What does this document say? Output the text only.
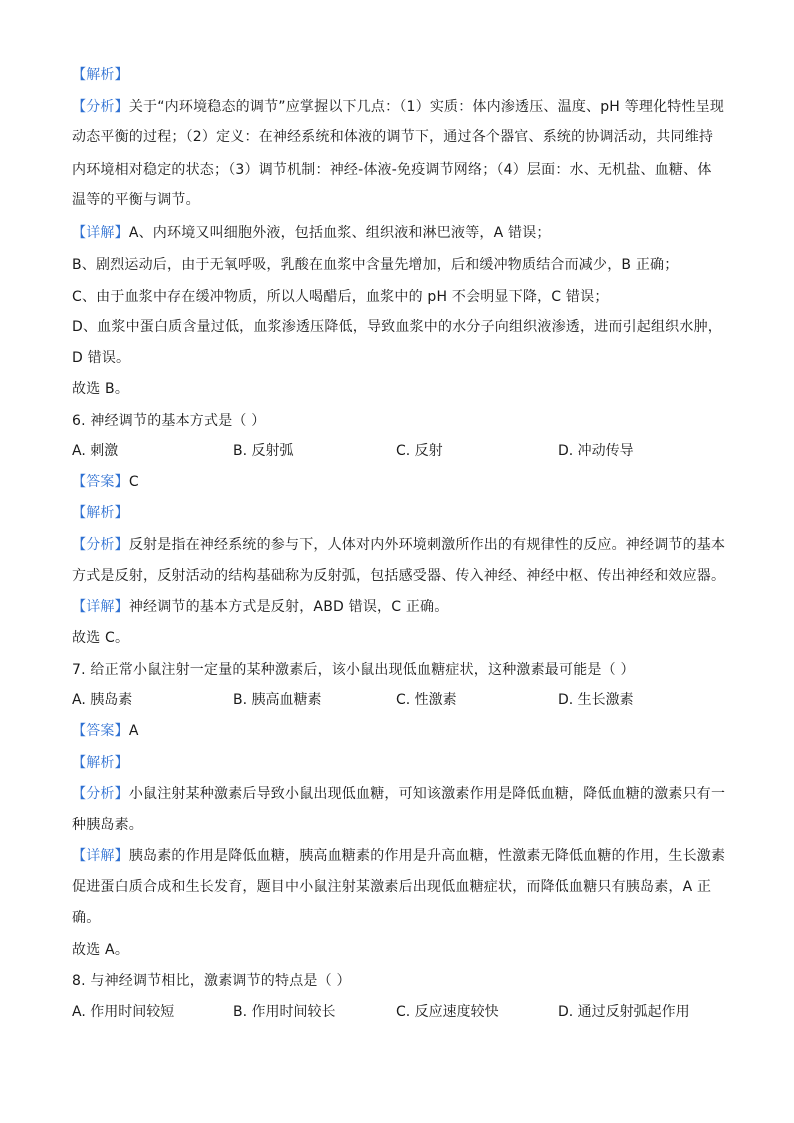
【解析】
【分析】关于“内环境稳态的调节”应掌握以下几点：（1）实质：体内渗透压、温度、pH 等理化特性呈现
动态平衡的过程；（2）定义：在神经系统和体液的调节下，通过各个器官、系统的协调活动，共同维持
内环境相对稳定的状态；（3）调节机制：神经-体液-免疫调节网络；（4）层面：水、无机盐、血糖、体
温等的平衡与调节。
【详解】A、内环境又叫细胞外液，包括血浆、组织液和淋巴液等，A 错误；
B、剧烈运动后，由于无氧呼吸，乳酸在血浆中含量先增加，后和缓冲物质结合而减少，B 正确；
C、由于血浆中存在缓冲物质，所以人喝醋后，血浆中的 pH 不会明显下降，C 错误；
D、血浆中蛋白质含量过低，血浆渗透压降低，导致血浆中的水分子向组织液渗透，进而引起组织水肿，
D 错误。
故选 B。
6. 神经调节的基本方式是（ ）
A. 刺激	B. 反射弧	C. 反射	D. 冲动传导
【答案】C
【解析】
【分析】反射是指在神经系统的参与下，人体对内外环境刺激所作出的有规律性的反应。神经调节的基本
方式是反射，反射活动的结构基础称为反射弧，包括感受器、传入神经、神经中枢、传出神经和效应器。
【详解】神经调节的基本方式是反射，ABD 错误，C 正确。
故选 C。
7. 给正常小鼠注射一定量的某种激素后，该小鼠出现低血糖症状，这种激素最可能是（ ）
A. 胰岛素	B. 胰高血糖素	C. 性激素	D. 生长激素
【答案】A
【解析】
【分析】小鼠注射某种激素后导致小鼠出现低血糖，可知该激素作用是降低血糖，降低血糖的激素只有一
种胰岛素。
【详解】胰岛素的作用是降低血糖，胰高血糖素的作用是升高血糖，性激素无降低血糖的作用，生长激素
促进蛋白质合成和生长发育，题目中小鼠注射某激素后出现低血糖症状，而降低血糖只有胰岛素，A 正
确。
故选 A。
8. 与神经调节相比，激素调节的特点是（ ）
A. 作用时间较短	B. 作用时间较长	C. 反应速度较快	D. 通过反射弧起作用
